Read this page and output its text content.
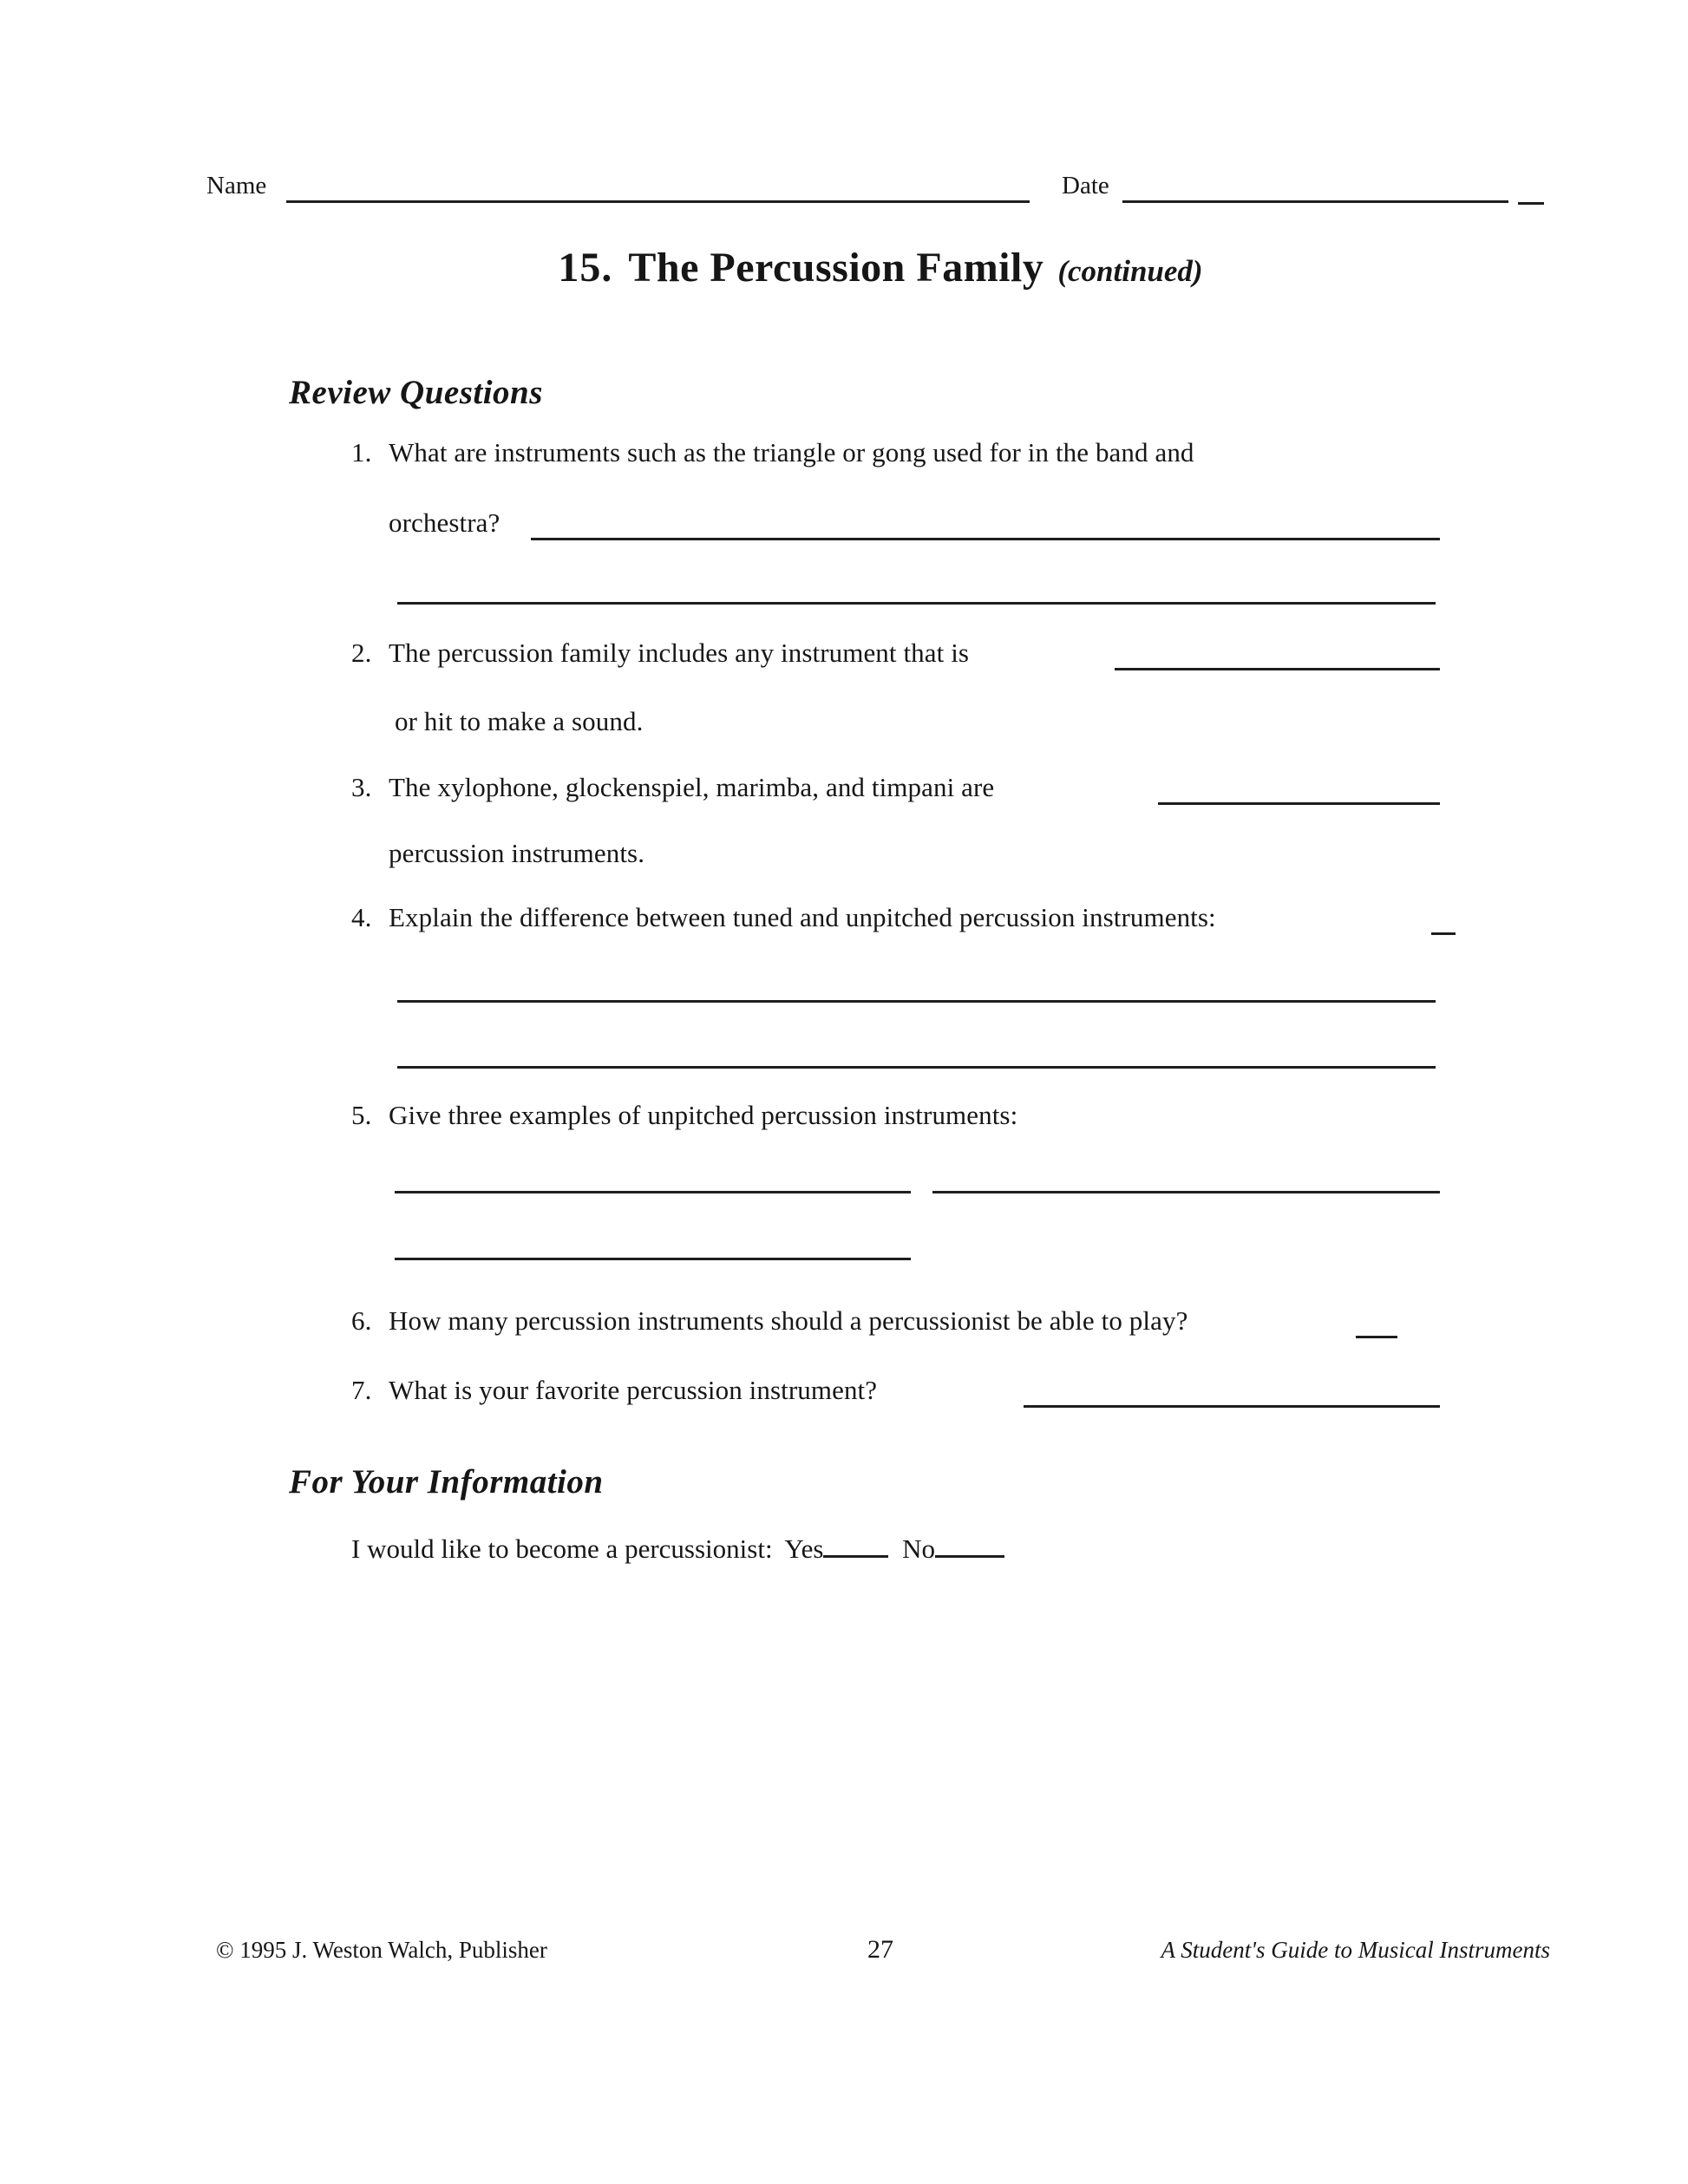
Name	Date
15. The Percussion Family (continued)
Review Questions
1. What are instruments such as the triangle or gong used for in the band and
orchestra?
2. The percussion family includes any instrument that is
or hit to make a sound.
3. The xylophone, glockenspiel, marimba, and timpani are
percussion instruments.
4. Explain the difference between tuned and unpitched percussion instruments:
5. Give three examples of unpitched percussion instruments:
6. How many percussion instruments should a percussionist be able to play?
7. What is your favorite percussion instrument?
For Your Information
I would like to become a percussionist: Yes	No
© 1995 J. Weston Walch, Publisher	27	A Student's Guide to Musical Instruments
